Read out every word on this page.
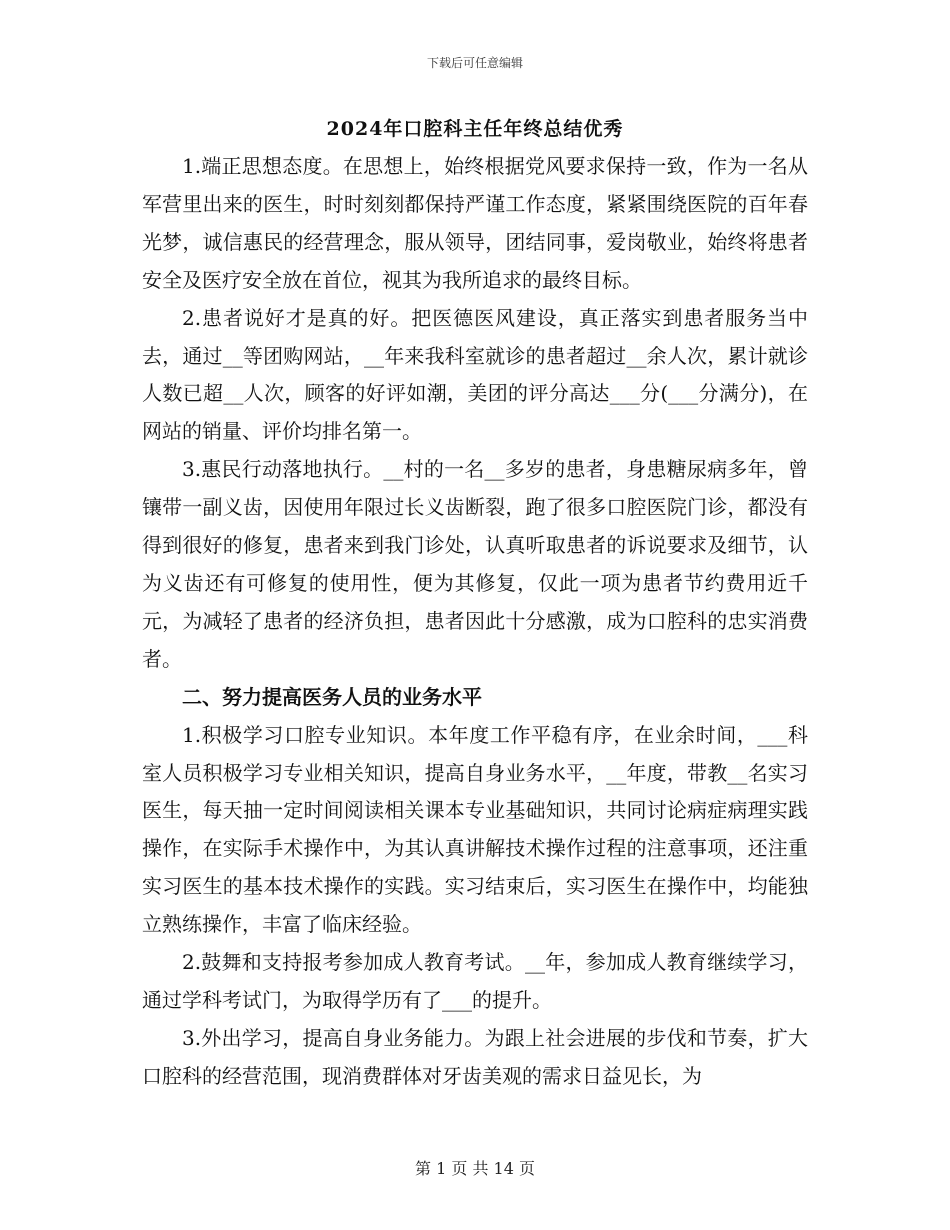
下载后可任意编辑
2024年口腔科主任年终总结优秀

1.端正思想态度。在思想上，始终根据党风要求保持一致，作为一名从军营里出来的医生，时时刻刻都保持严谨工作态度，紧紧围绕医院的百年春光梦，诚信惠民的经营理念，服从领导，团结同事，爱岗敬业，始终将患者安全及医疗安全放在首位，视其为我所追求的最终目标。

2.患者说好才是真的好。把医德医风建设，真正落实到患者服务当中去，通过__等团购网站，__年来我科室就诊的患者超过__余人次，累计就诊人数已超__人次，顾客的好评如潮，美团的评分高达___分(___分满分)，在网站的销量、评价均排名第一。

3.惠民行动落地执行。__村的一名__多岁的患者，身患糖尿病多年，曾镶带一副义齿，因使用年限过长义齿断裂，跑了很多口腔医院门诊，都没有得到很好的修复，患者来到我门诊处，认真听取患者的诉说要求及细节，认为义齿还有可修复的使用性，便为其修复，仅此一项为患者节约费用近千元，为减轻了患者的经济负担，患者因此十分感激，成为口腔科的忠实消费者。

二、努力提高医务人员的业务水平

1.积极学习口腔专业知识。本年度工作平稳有序，在业余时间，___科室人员积极学习专业相关知识，提高自身业务水平，__年度，带教__名实习医生，每天抽一定时间阅读相关课本专业基础知识，共同讨论病症病理实践操作，在实际手术操作中，为其认真讲解技术操作过程的注意事项，还注重实习医生的基本技术操作的实践。实习结束后，实习医生在操作中，均能独立熟练操作，丰富了临床经验。

2.鼓舞和支持报考参加成人教育考试。__年，参加成人教育继续学习，通过学科考试门，为取得学历有了___的提升。

3.外出学习，提高自身业务能力。为跟上社会进展的步伐和节奏，扩大口腔科的经营范围，现消费群体对牙齿美观的需求日益见长，为

第 1 页 共 14 页
